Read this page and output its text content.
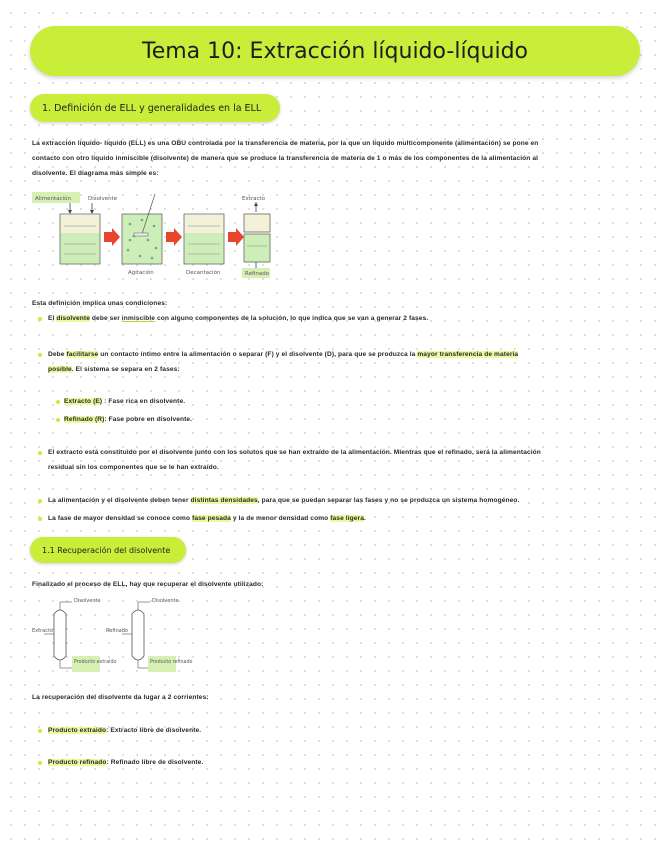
Tema 10: Extracción líquido-líquido
1. Definición de ELL y generalidades en la ELL
La extracción líquido- líquido (ELL) es una OBU controlada por la transferencia de materia, por la que un líquido multicomponente (alimentación) se pone en
contacto con otro líquido inmiscible (disolvente) de manera que se produce la transferencia de materia de 1 o más de los componentes de la alimentación al
disolvente. El diagrama más simple es:
Alimentación	Disolvente
Agitación	Decantación
Extracto
Refinado
Esta definición implica unas condiciones:
El disolvente debe ser inmiscible con alguno componentes de la solución, lo que indica que se van a generar 2 fases.
Debe facilitarse un contacto íntimo entre la alimentación o separar (F) y el disolvente (D), para que se produzca la mayor transferencia de materia
posible. El sistema se separa en 2 fases:
Extracto (E) : Fase rica en disolvente.
Refinado (R): Fase pobre en disolvente.
El extracto está constituido por el disolvente junto con los solutos que se han extraído de la alimentación. Mientras que el refinado, será la alimentación
residual sin los componentes que se le han extraído.
La alimentación y el disolvente deben tener distintas densidades, para que se puedan separar las fases y no se produzca un sistema homogéneo.
La fase de mayor densidad se conoce como fase pesada y la de menor densidad como fase ligera.
1.1 Recuperación del disolvente
Finalizado el proceso de ELL, hay que recuperar el disolvente utilizado:
Disolvente
Extracto
Producto extraído
Disolvente
Refinado
Producto refinado
La recuperación del disolvente da lugar a 2 corrientes:
Producto extraído: Extracto libre de disolvente.
Producto refinado: Refinado libre de disolvente.
